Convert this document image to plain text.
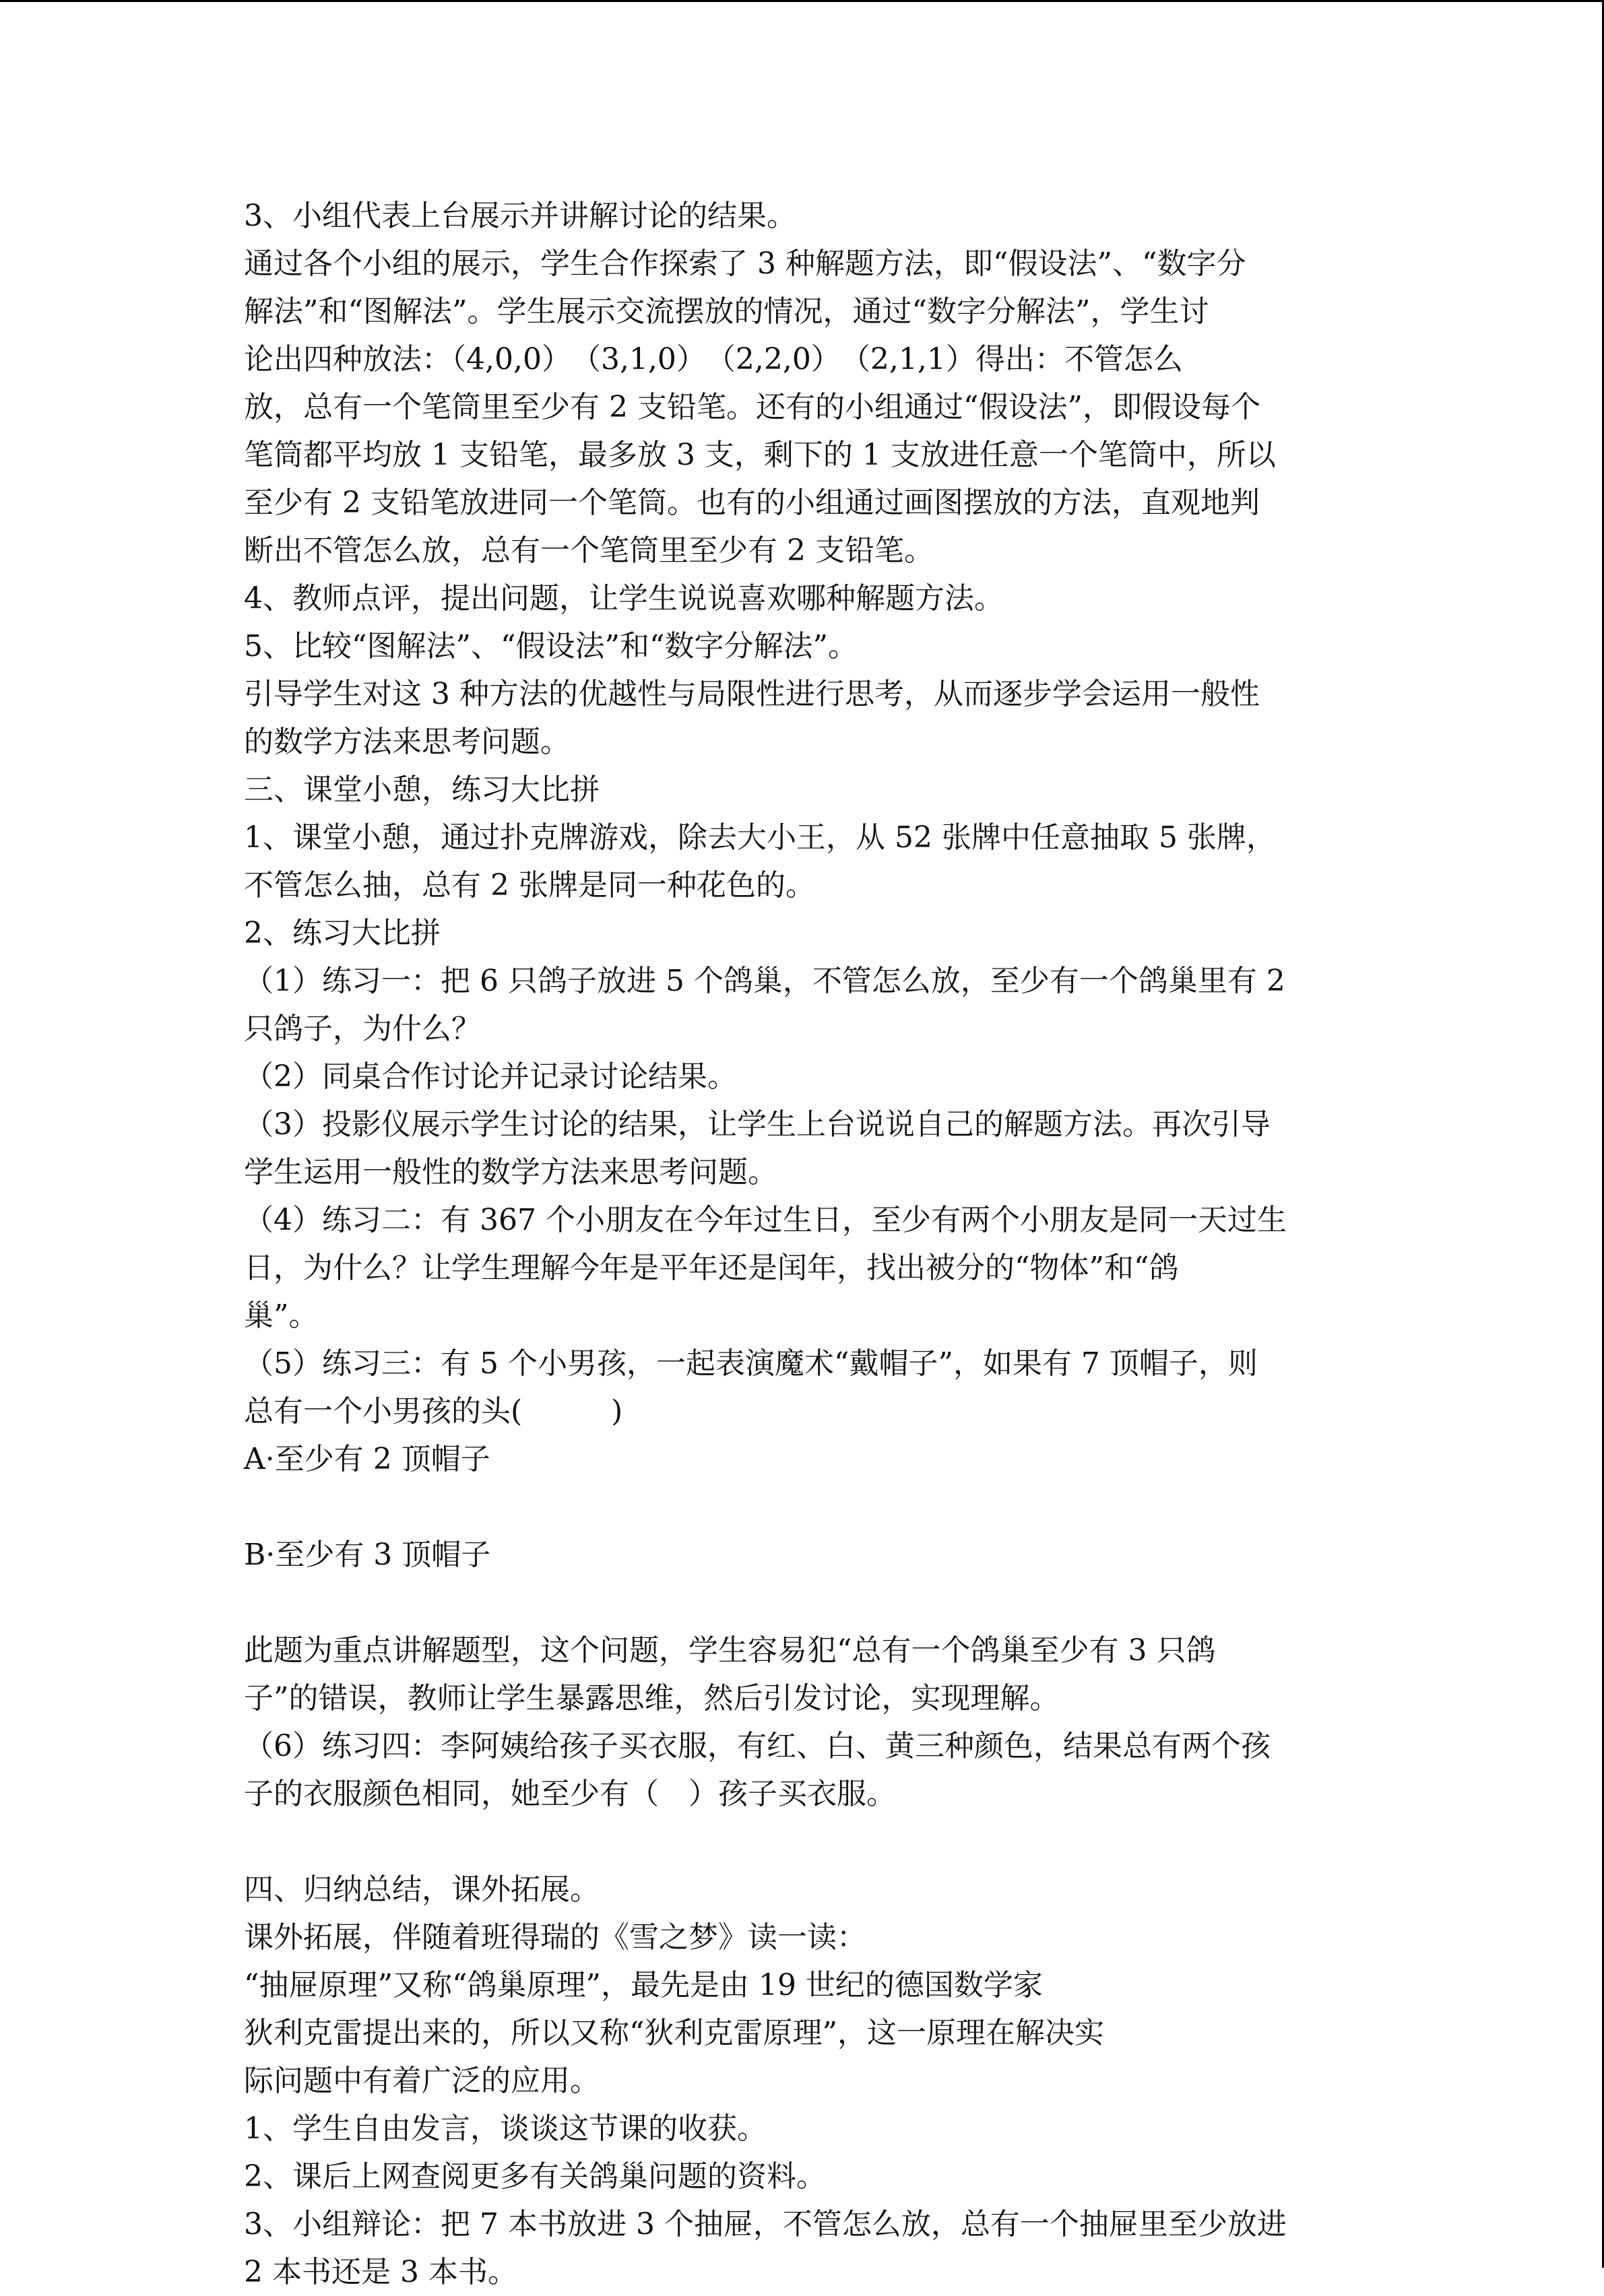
3、小组代表上台展示并讲解讨论的结果。
通过各个小组的展示，学生合作探索了 3 种解题方法，即“假设法”、“数字分
解法”和“图解法”。学生展示交流摆放的情况，通过“数字分解法”，学生讨
论出四种放法：（4,0,0）　（3,1,0）　（2,2,0）　（2,1,1）得出：不管怎么
放，总有一个笔筒里至少有 2 支铅笔。还有的小组通过“假设法”，即假设每个
笔筒都平均放 1 支铅笔，最多放 3 支，剩下的 1 支放进任意一个笔筒中，所以
至少有 2 支铅笔放进同一个笔筒。也有的小组通过画图摆放的方法，直观地判
断出不管怎么放，总有一个笔筒里至少有 2 支铅笔。
4、教师点评，提出问题，让学生说说喜欢哪种解题方法。
5、比较“图解法”、“假设法”和“数字分解法”。
引导学生对这 3 种方法的优越性与局限性进行思考，从而逐步学会运用一般性
的数学方法来思考问题。
三、课堂小憩，练习大比拼
1、课堂小憩，通过扑克牌游戏，除去大小王，从 52 张牌中任意抽取 5 张牌，
不管怎么抽，总有 2 张牌是同一种花色的。
2、练习大比拼
（1）练习一：把 6 只鸽子放进 5 个鸽巢，不管怎么放，至少有一个鸽巢里有 2
只鸽子，为什么？
（2）同桌合作讨论并记录讨论结果。
（3）投影仪展示学生讨论的结果，让学生上台说说自己的解题方法。再次引导
学生运用一般性的数学方法来思考问题。
（4）练习二：有 367 个小朋友在今年过生日，至少有两个小朋友是同一天过生
日，为什么？让学生理解今年是平年还是闰年，找出被分的“物体”和“鸽
巢”。
（5）练习三：有 5 个小男孩，一起表演魔术“戴帽子”，如果有 7 顶帽子，则
总有一个小男孩的头(　　　)
A·至少有 2 顶帽子
B·至少有 3 顶帽子
此题为重点讲解题型，这个问题，学生容易犯“总有一个鸽巢至少有 3 只鸽
子”的错误，教师让学生暴露思维，然后引发讨论，实现理解。
（6）练习四：李阿姨给孩子买衣服，有红、白、黄三种颜色，结果总有两个孩
子的衣服颜色相同，她至少有（　）孩子买衣服。
四、归纳总结，课外拓展。
课外拓展，伴随着班得瑞的《雪之梦》读一读：
“抽屉原理”又称“鸽巢原理”，最先是由 19 世纪的德国数学家
狄利克雷提出来的，所以又称“狄利克雷原理”，这一原理在解决实
际问题中有着广泛的应用。
1、学生自由发言，谈谈这节课的收获。
2、课后上网查阅更多有关鸽巢问题的资料。
3、小组辩论：把 7 本书放进 3 个抽屉，不管怎么放，总有一个抽屉里至少放进
2 本书还是 3 本书。
